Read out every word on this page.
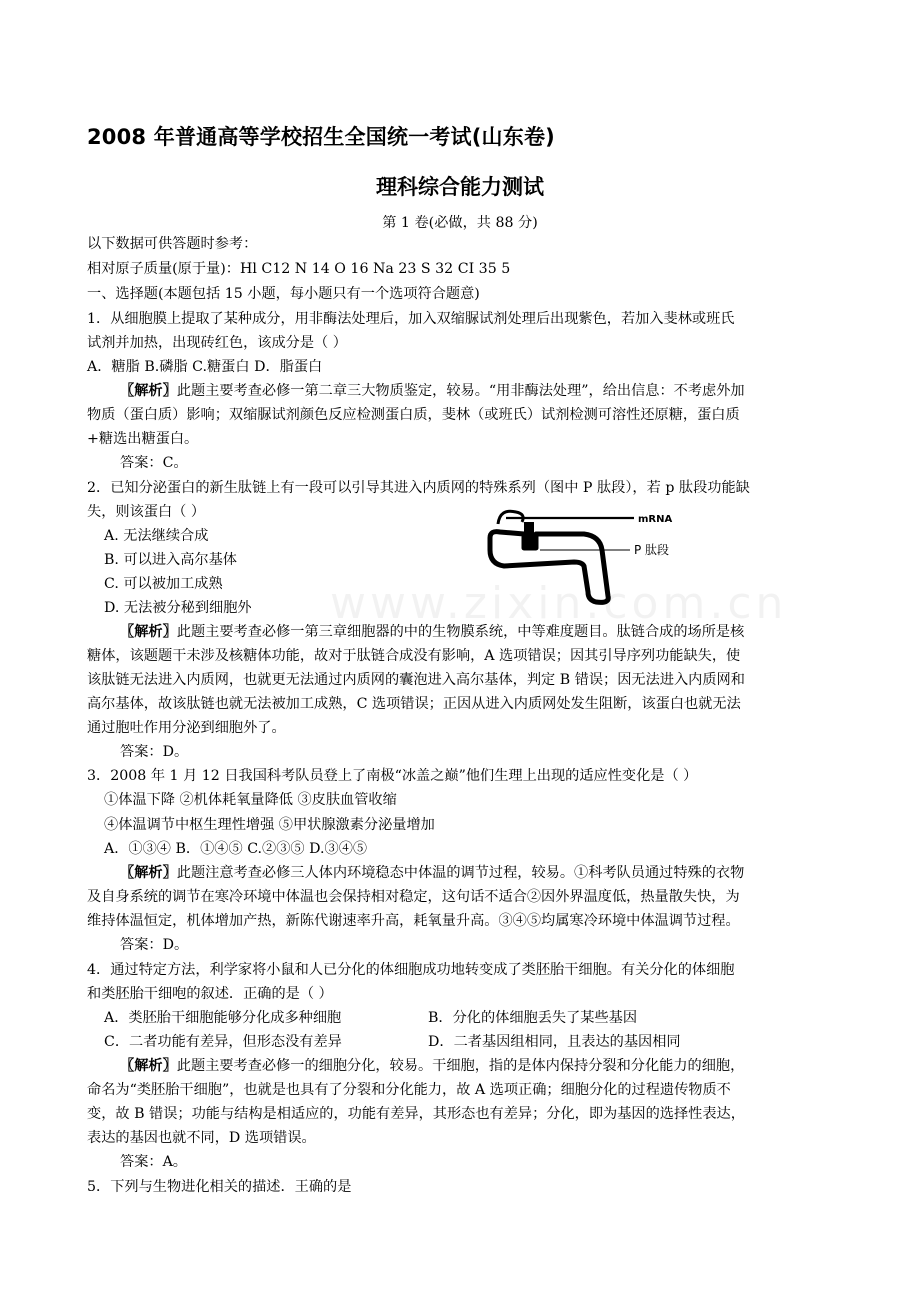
www.zixin.com.cn
2008 年普通高等学校招生全国统一考试(山东卷)
理科综合能力测试
第 1 卷(必做，共 88 分)
以下数据可供答题时参考：
相对原子质量(原于量)：Hl C12 N 14 O 16 Na 23 S 32 CI 35 5
一、选择题(本题包括 15 小题，每小题只有一个选项符合题意)
1．从细胞膜上提取了某种成分，用非酶法处理后，加入双缩脲试剂处理后出现紫色，若加入斐林或班氏
试剂并加热，出现砖红色，该成分是（ ）
A．糖脂 B.磷脂 C.糖蛋白 D．脂蛋白
〖解析〗此题主要考查必修一第二章三大物质鉴定，较易。“用非酶法处理”，给出信息：不考虑外加
物质（蛋白质）影响；双缩脲试剂颜色反应检测蛋白质，斐林（或班氏）试剂检测可溶性还原糖，蛋白质
+糖选出糖蛋白。
答案：C。
2．已知分泌蛋白的新生肽链上有一段可以引导其进入内质网的特殊系列（图中 P 肽段），若 p 肽段功能缺
失，则该蛋白（ ）
A. 无法继续合成
B. 可以进入高尔基体
C. 可以被加工成熟
D. 无法被分秘到细胞外
mRNA
P 肽段
〖解析〗此题主要考查必修一第三章细胞器的中的生物膜系统，中等难度题目。肽链合成的场所是核
糖体，该题题干未涉及核糖体功能，故对于肽链合成没有影响，A 选项错误；因其引导序列功能缺失，使
该肽链无法进入内质网，也就更无法通过内质网的囊泡进入高尔基体，判定 B 错误；因无法进入内质网和
高尔基体，故该肽链也就无法被加工成熟，C 选项错误；正因从进入内质网处发生阻断，该蛋白也就无法
通过胞吐作用分泌到细胞外了。
答案：D。
3．2008 年 1 月 12 日我国科考队员登上了南极“冰盖之巅”他们生理上出现的适应性变化是（ ）
①体温下降 ②机体耗氧量降低 ③皮肤血管收缩
④体温调节中枢生理性增强 ⑤甲状腺激素分泌量增加
A．①③④ B．①④⑤ C.②③⑤ D.③④⑤
〖解析〗此题注意考查必修三人体内环境稳态中体温的调节过程，较易。①科考队员通过特殊的衣物
及自身系统的调节在寒冷环境中体温也会保持相对稳定，这句话不适合②因外界温度低，热量散失快，为
维持体温恒定，机体增加产热，新陈代谢速率升高，耗氧量升高。③④⑤均属寒冷环境中体温调节过程。
答案：D。
4．通过特定方法，利学家将小鼠和人已分化的体细胞成功地转变成了类胚胎干细胞。有关分化的体细胞
和类胚胎干细咆的叙述．正确的是（ ）
A．类胚胎干细胞能够分化成多种细胞	B．分化的体细胞丢失了某些基因
C．二者功能有差异，但形态没有差异	D．二者基因组相同，且表达的基因相同
〖解析〗此题主要考查必修一的细胞分化，较易。干细胞，指的是体内保持分裂和分化能力的细胞，
命名为“类胚胎干细胞”，也就是也具有了分裂和分化能力，故 A 选项正确；细胞分化的过程遗传物质不
变，故 B 错误；功能与结构是相适应的，功能有差异，其形态也有差异；分化，即为基因的选择性表达，
表达的基因也就不同，D 选项错误。
答案：A。
5．下列与生物进化相关的描述．王确的是
